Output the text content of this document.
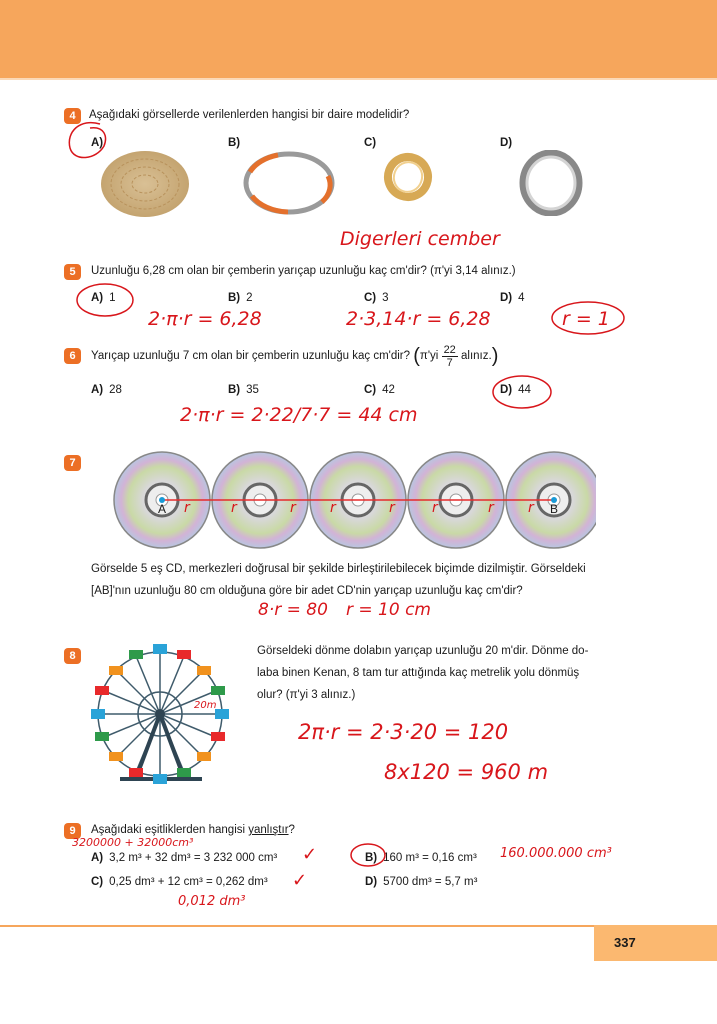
4	Aşağıdaki görsellerde verilenlerden hangisi bir daire modelidir?
A)	B)	C)	D)
Digerleri cember
5	Uzunluğu 6,28 cm olan bir çemberin yarıçap uzunluğu kaç cm'dir? (π'yi 3,14 alınız.)
A) 1	B) 2	C) 3	D) 4
2·π·r = 6,28	2·3,14·r = 6,28	r = 1
6	Yarıçap uzunluğu 7 cm olan bir çemberin uzunluğu kaç cm'dir? ($\pi'yi \frac{22}{7}$ alınız.)
A) 28	B) 35	C) 42	D) 44
2·π·r = 2·22/7·7 = 44 cm
7
A	B
r	r	r r	r	r	r r
Görselde 5 eş CD, merkezleri doğrusal bir şekilde birleştirilebilecek biçimde dizilmiştir. Görseldeki
[AB]'nın uzunluğu 80 cm olduğuna göre bir adet CD'nin yarıçap uzunluğu kaç cm'dir?
8·r = 80 r = 10 cm
8
20m
Görseldeki dönme dolabın yarıçap uzunluğu 20 m'dir. Dönme do-
laba binen Kenan, 8 tam tur attığında kaç metrelik yolu dönmüş
olur? (π'yi 3 alınız.)
2π·r = 2·3·20 = 120
8x120 = 960 m
9	Aşağıdaki eşitliklerden hangisi yanlıştır?
3200000 + 32000cm³
A) 3,2 m³ + 32 dm³ = 3 232 000 cm³ ✓	B) 160 m³ = 0,16 cm³ 160.000.000 cm³
C) 0,25 dm³ + 12 cm³ = 0,262 dm³ ✓	D) 5700 dm³ = 5,7 m³
0,012 dm³
337
